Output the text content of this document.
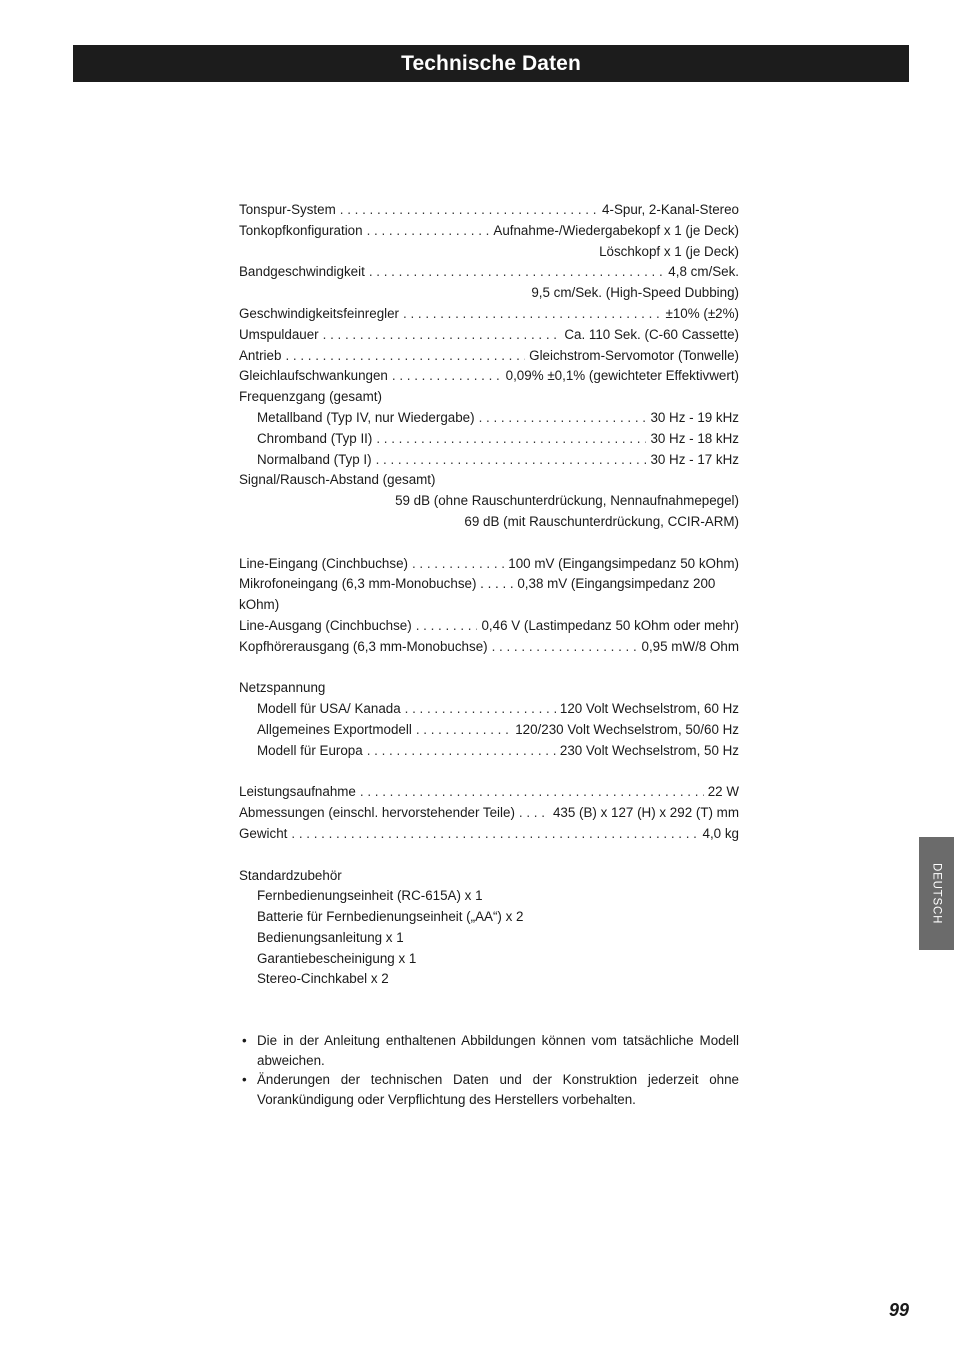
Technische Daten
Tonspur-System . . .	4-Spur, 2-Kanal-Stereo
Tonkopfkonfiguration . . .	Aufnahme-/Wiedergabekopf x 1 (je Deck)
Löschkopf x 1 (je Deck)
Bandgeschwindigkeit . . .	4,8 cm/Sek.
9,5 cm/Sek. (High-Speed Dubbing)
Geschwindigkeitsfeinregler . . .	±10% (±2%)
Umspuldauer . . .	Ca. 110 Sek. (C-60 Cassette)
Antrieb . . .	Gleichstrom-Servomotor (Tonwelle)
Gleichlaufschwankungen . . .	0,09% ±0,1% (gewichteter Effektivwert)
Frequenzgang (gesamt)
Metallband (Typ IV, nur Wiedergabe) . . .	30 Hz - 19 kHz
Chromband (Typ II) . . .	30 Hz - 18 kHz
Normalband (Typ I) . . .	30 Hz - 17 kHz
Signal/Rausch-Abstand (gesamt)
59 dB (ohne Rauschunterdrückung, Nennaufnahmepegel)
69 dB (mit Rauschunterdrückung, CCIR-ARM)
Line-Eingang (Cinchbuchse) . . .	100 mV (Eingangsimpedanz 50 kOhm)
Mikrofoneingang (6,3 mm-Monobuchse) . . . . . 0,38 mV (Eingangsimpedanz 200 kOhm)
Line-Ausgang (Cinchbuchse) . . .	0,46 V (Lastimpedanz 50 kOhm oder mehr)
Kopfhörerausgang (6,3 mm-Monobuchse) . . .	0,95 mW/8 Ohm
Netzspannung
Modell für USA/ Kanada . . .	120 Volt Wechselstrom, 60 Hz
Allgemeines Exportmodell . . .	120/230 Volt Wechselstrom, 50/60 Hz
Modell für Europa . . .	230 Volt Wechselstrom, 50 Hz
Leistungsaufnahme . . .	22 W
Abmessungen (einschl. hervorstehender Teile) . . .	435 (B) x 127 (H) x 292 (T) mm
Gewicht . . .	4,0 kg
Standardzubehör
Fernbedienungseinheit (RC-615A) x 1
Batterie für Fernbedienungseinheit („AA“) x 2
Bedienungsanleitung x 1
Garantiebescheinigung x 1
Stereo-Cinchkabel x 2
• Die in der Anleitung enthaltenen Abbildungen können vom tatsächliche Modell abweichen.
• Änderungen der technischen Daten und der Konstruktion jederzeit ohne Vorankündigung oder Verpflichtung des Herstellers vorbehalten.
DEUTSCH
99
